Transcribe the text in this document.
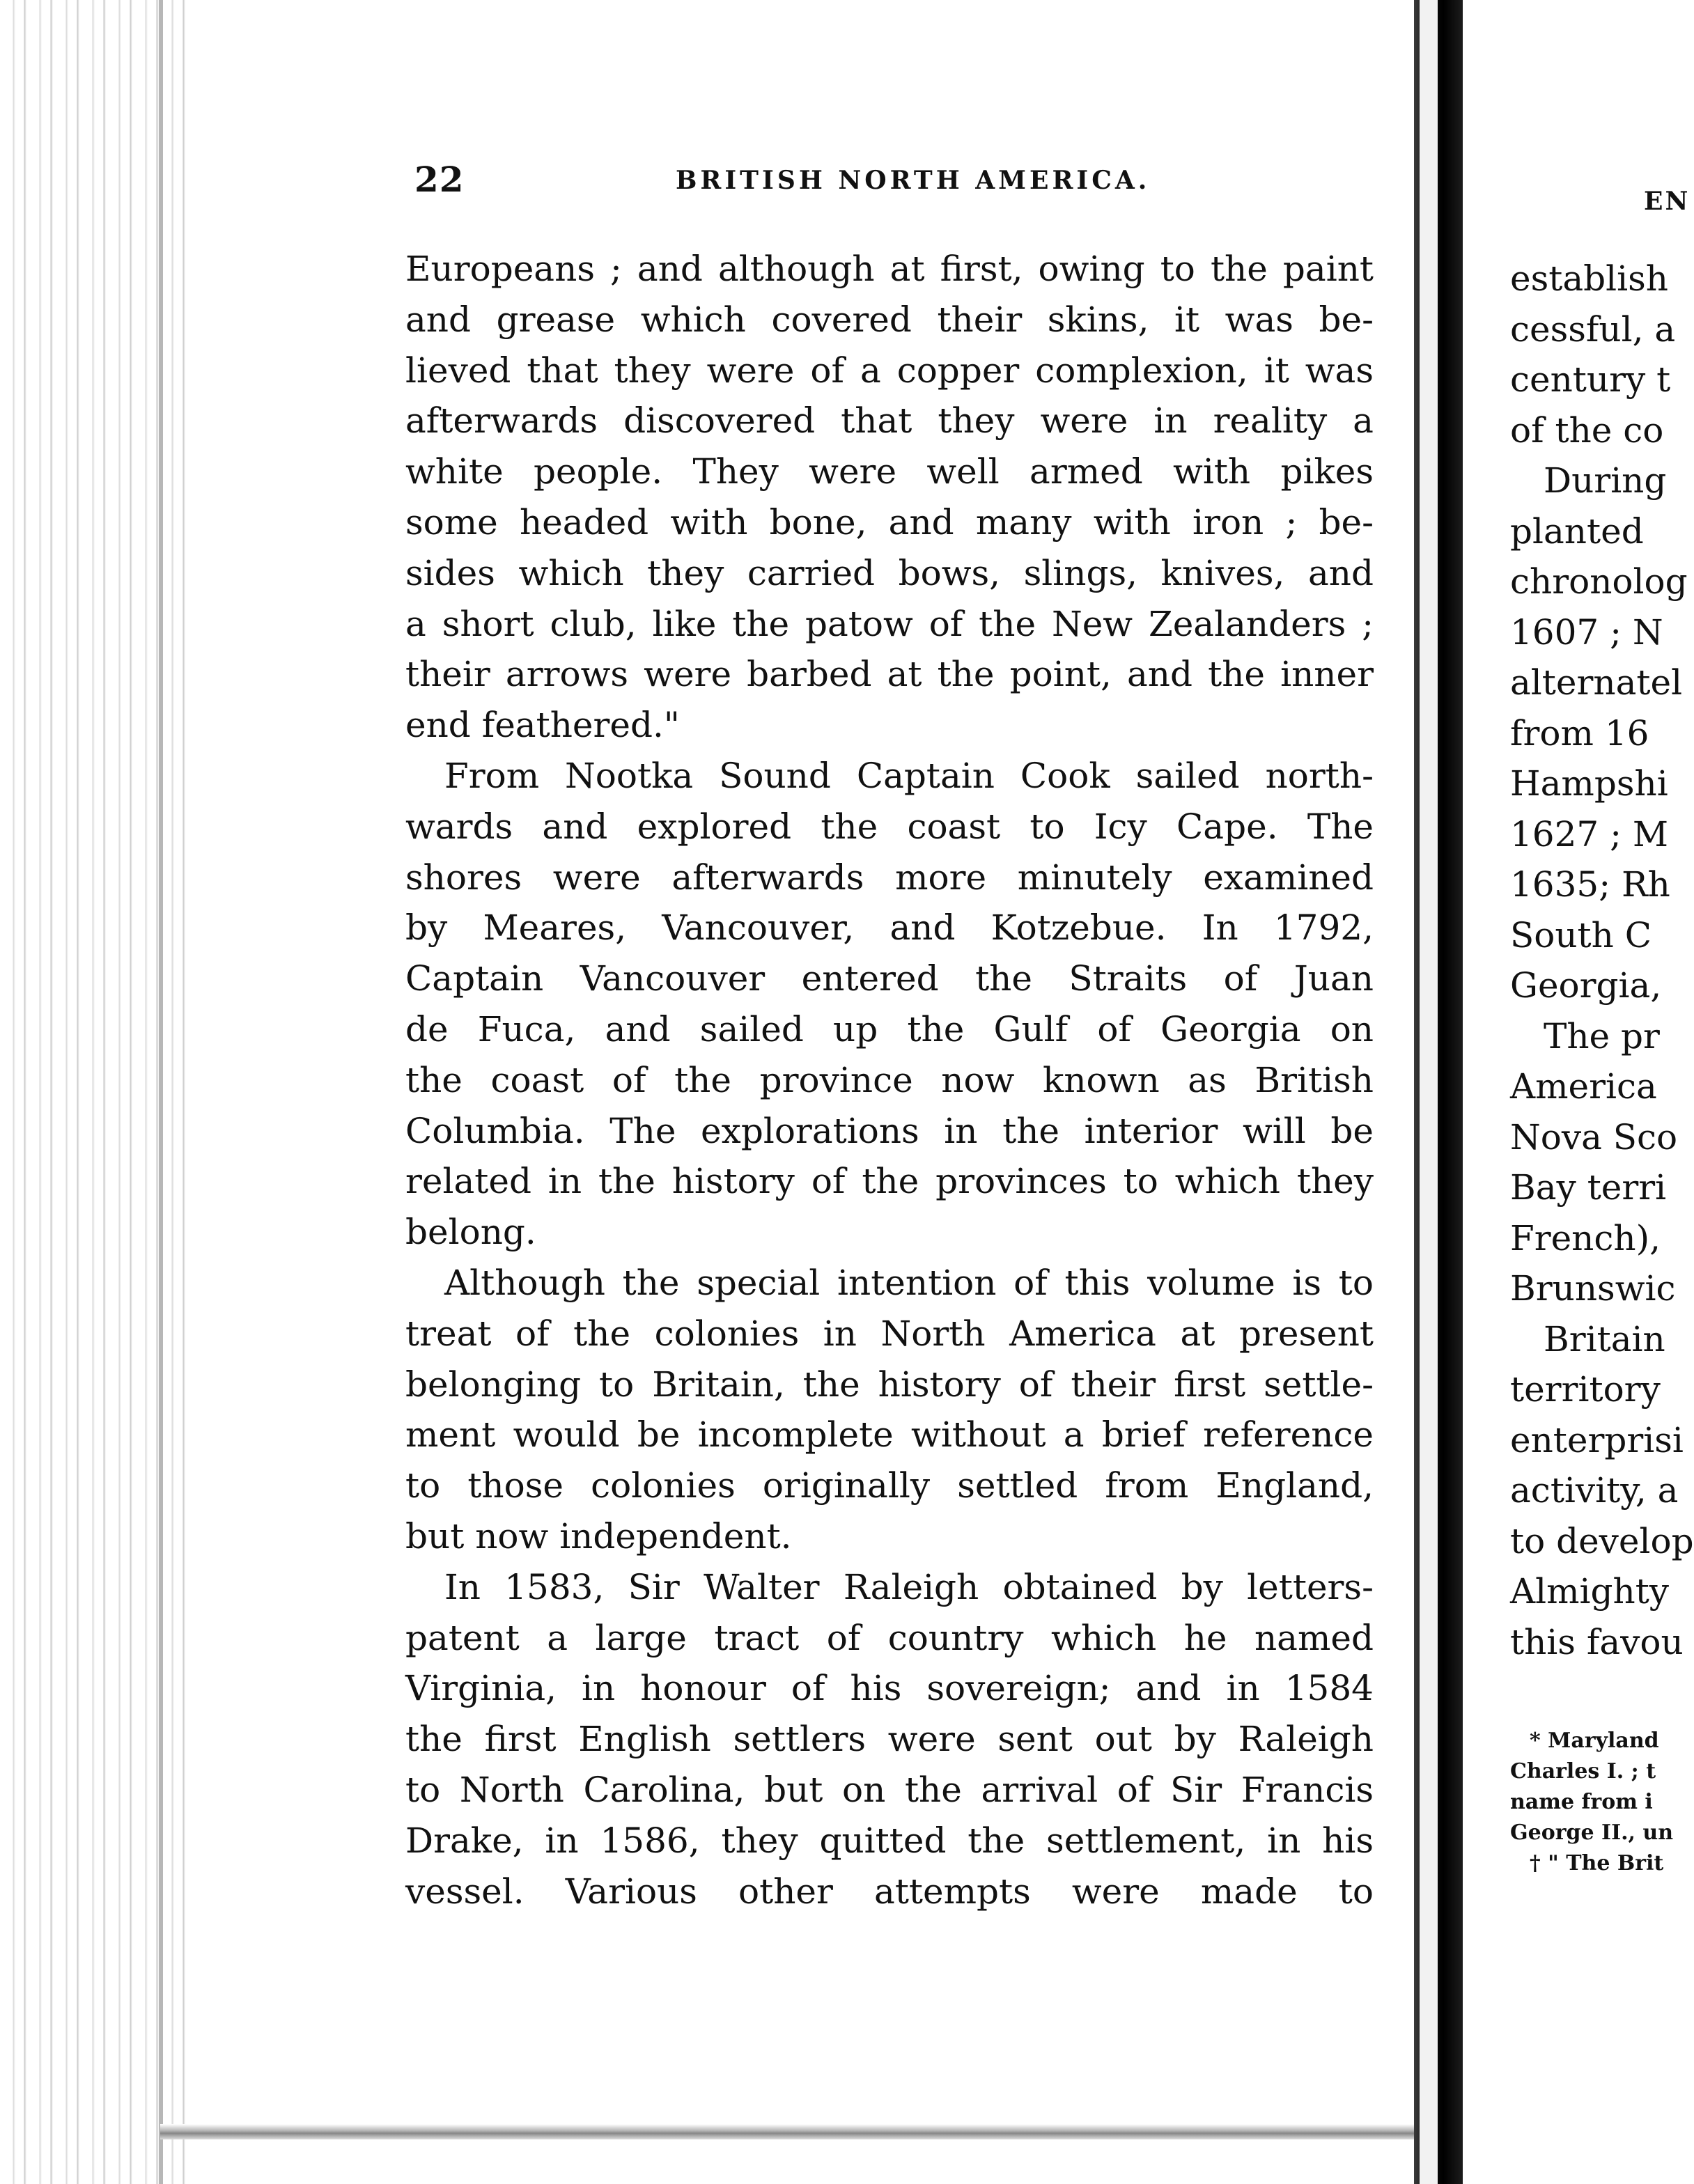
22	BRITISH NORTH AMERICA.
Europeans ; and although at first, owing to the paint
and grease which covered their skins, it was be-
lieved that they were of a copper complexion, it was
afterwards discovered that they were in reality a
white people. They were well armed with pikes
some headed with bone, and many with iron ; be-
sides which they carried bows, slings, knives, and
a short club, like the patow of the New Zealanders ;
their arrows were barbed at the point, and the inner
end feathered."
From Nootka Sound Captain Cook sailed north-
wards and explored the coast to Icy Cape. The
shores were afterwards more minutely examined
by Meares, Vancouver, and Kotzebue. In 1792,
Captain Vancouver entered the Straits of Juan
de Fuca, and sailed up the Gulf of Georgia on
the coast of the province now known as British
Columbia. The explorations in the interior will be
related in the history of the provinces to which they
belong.
Although the special intention of this volume is to
treat of the colonies in North America at present
belonging to Britain, the history of their first settle-
ment would be incomplete without a brief reference
to those colonies originally settled from England,
but now independent.
In 1583, Sir Walter Raleigh obtained by letters-
patent a large tract of country which he named
Virginia, in honour of his sovereign; and in 1584
the first English settlers were sent out by Raleigh
to North Carolina, but on the arrival of Sir Francis
Drake, in 1586, they quitted the settlement, in his
vessel. Various other attempts were made to
EN
establish
cessful, a
century t
of the co
During
planted
chronolog
1607 ; N
alternatel
from 16
Hampshi
1627 ; M
1635; Rh
South C
Georgia,
The pr
America
Nova Sco
Bay terri
French),
Brunswic
Britain
territory
enterprisi
activity, a
to develop
Almighty
this favou
* Maryland
Charles I. ; t
name from i
George II., un
† " The Brit
